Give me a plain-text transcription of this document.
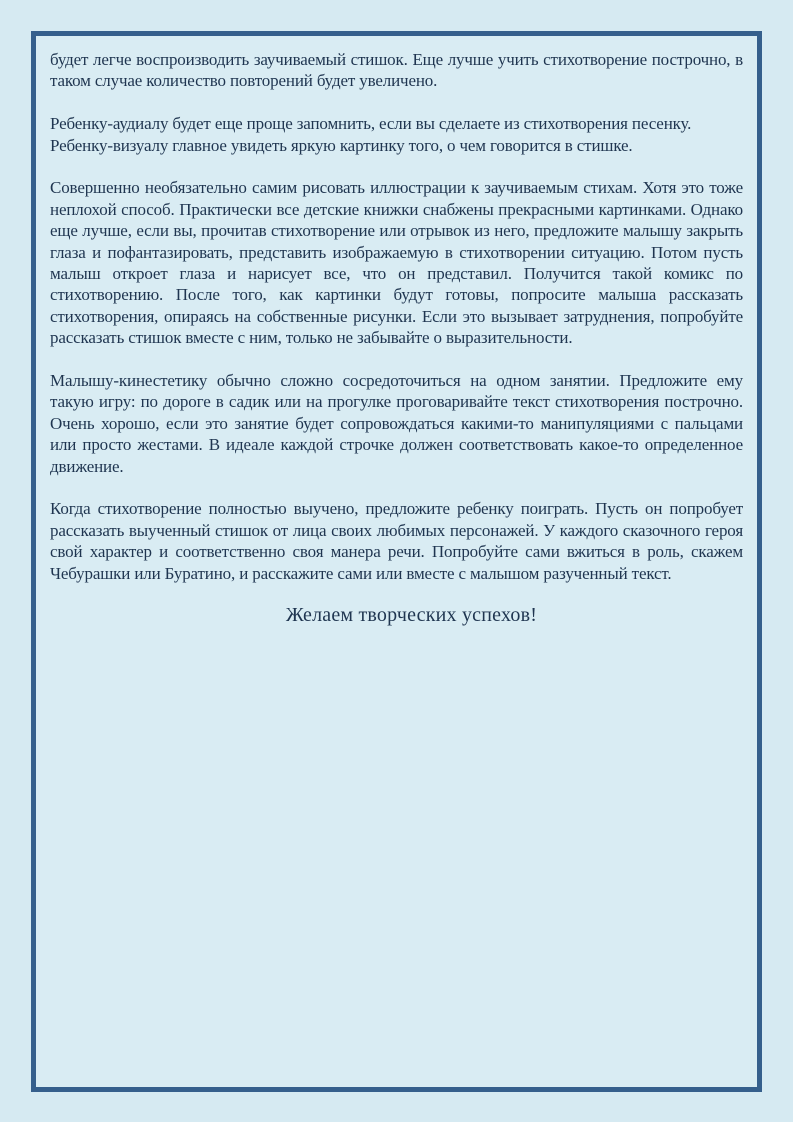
будет легче воспроизводить заучиваемый стишок. Еще лучше учить стихотворение построчно, в таком случае количество повторений будет увеличено.

Ребенку-аудиалу будет еще проще запомнить, если вы сделаете из стихотворения песенку.

Ребенку-визуалу главное увидеть яркую картинку того, о чем говорится в стишке.

Совершенно необязательно самим рисовать иллюстрации к заучиваемым стихам. Хотя это тоже неплохой способ. Практически все детские книжки снабжены прекрасными картинками. Однако еще лучше, если вы, прочитав стихотворение или отрывок из него, предложите малышу закрыть глаза и пофантазировать, представить изображаемую в стихотворении ситуацию. Потом пусть малыш откроет глаза и нарисует все, что он представил. Получится такой комикс по стихотворению. После того, как картинки будут готовы, попросите малыша рассказать стихотворения, опираясь на собственные рисунки. Если это вызывает затруднения, попробуйте рассказать стишок вместе с ним, только не забывайте о выразительности.

Малышу-кинестетику обычно сложно сосредоточиться на одном занятии. Предложите ему такую игру: по дороге в садик или на прогулке проговаривайте текст стихотворения построчно. Очень хорошо, если это занятие будет сопровождаться какими-то манипуляциями с пальцами или просто жестами. В идеале каждой строчке должен соответствовать какое-то определенное движение.

Когда стихотворение полностью выучено, предложите ребенку поиграть. Пусть он попробует рассказать выученный стишок от лица своих любимых персонажей. У каждого сказочного героя свой характер и соответственно своя манера речи. Попробуйте сами вжиться в роль, скажем Чебурашки или Буратино, и расскажите сами или вместе с малышом разученный текст.

Желаем творческих успехов!
